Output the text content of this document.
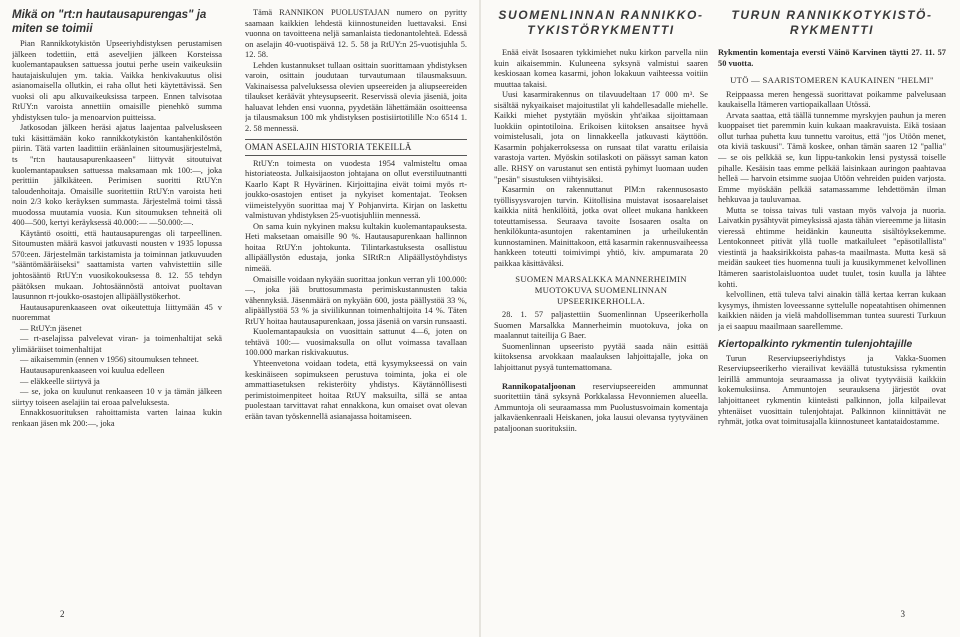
Mikä on "rt:n hautausapurengas" ja miten se toimii

Pian Rannikkotykistön Upseeriyhdistyksen perustamisen jälkeen todettiin, että aseveljien jälkeen Korsteissa kuolemantapauksen sattuessa joutui perhe usein vaikeuksiin hautajaiskulujen ym. takia. Vaikka henkivakuutus olisi asianomaisella ollutkin, ei raha ollut heti käytettävissä. Sen vuoksi oli apu alkuvaikeuksissa tarpeen. Ennen talvisotaa RtUY:n varoista annettiin omaisille pienehkö summa yhdistyksen tulo- ja menoarvion puitteissa.

Jatkosodan jälkeen heräsi ajatus laajentaa palveluskseen tuki käsittämään koko rannikkotykistön kantahenkilöstön piirin. Tätä varten laadittiin eräänlainen sitoumusjärjestelmä, ts "rt:n hautausapurenkaaseen" liittyvät sitoutuivat kuolemantapauksen sattuessa maksamaan mk 100:—, joka perittiin jälkikäteen. Perimisen suoritti RtUY:n taloudenhoitaja. Omaisille suoritettiin RtUY:n varoista heti noin 2/3 koko keräyksen summasta. Järjestelmä toimi tässä muodossa muutamia vuosia. Kun sitoumuksen tehneitä oli 400—500, kertyi keräyksessä 40.000:— —50.000:—.

Käytäntö osoitti, että hautausapurengas oli tarpeellinen. Sitoumusten määrä kasvoi jatkuvasti nousten v 1935 lopussa 570:een. Järjestelmän tarkistamista ja toiminnan jatkuvuuden "sääntömääräiseksi" saattamista varten vahvistettiin sille johtosääntö RtUY:n vuosikokouksessa 8. 12. 55 tehdyn päätöksen mukaan. Johtosäännöstä antoivat puoltavan lausunnon rt-joukko-osastojen allipäällystökerhot.

Hautausapurenkaaseen ovat oikeutettuja liittymään 45 v nuoremmat

— RtUY:n jäsenet

— rt-aselajissa palvelevat viran- ja toimenhaltijat sekä ylimääräiset toimenhaltijat

— aikaisemmin (ennen v 1956) sitoumuksen tehneet.

Hautausapurenkaaseen voi kuulua edelleen

— eläkkeelle siirtyvä ja

— se, joka on kuulunut renkaaseen 10 v ja tämän jälkeen siirtyy toiseen aselajiin tai eroaa palveluksesta.

Ennakkosuorituksen rahoittamista varten lainaa kukin renkaan jäsen mk 200:—, joka

Tämä RANNIKON PUOLUSTAJAN numero on pyritty saamaan kaikkien lehdestä kiinnostuneiden luettavaksi. Ensi vuonna on tavoitteena neljä samanlaista tiedonantolehteä. Edessä on aselajin 40-vuotispäivä 12. 5. 58 ja RtUY:n 25-vuotisjuhla 5. 12. 58.

Lehden kustannukset tullaan osittain suorittamaan yhdistyksen varoin, osittain joudutaan turvautumaan tilausmaksuun. Vakinaisessa palveluksessa olevien upseereiden ja aliupseereiden tilaukset keräävät yhteysupseerit. Reservissä olevia jäseniä, joita haluavat lehden ensi vuonna, pyydetään lähettämään osoitteensa ja tilausmaksun 100 mk yhdistyksen postisiirtotilille N:o 6514 1. 2. 58 mennessä.

OMAN ASELAJIN HISTORIA TEKEILLÄ

RtUY:n toimesta on vuodesta 1954 valmisteltu omaa historiateosta. Julkaisijaoston johtajana on ollut everstiluutnantti Kaarlo Kapt R Hyvärinen. Kirjoittajina eivät toimi myös rt-joukko-osastojen entiset ja nykyiset komentajat. Teoksen viimeistelyyön suorittaa maj Y Pohjanvirta. Kirjan on laskettu valmistuvan yhdistyksen 25-vuotisjuhliin mennessä.

On sama kuin nykyinen maksu kultakin kuolemantapauksesta. Heti maksetaan omaisille 90 %. Hautausapurenkaan hallinnon hoitaa RtUY:n johtokunta. Tilintarkastuksesta osallistuu allipäällystön edustaja, jonka SIRtR:n Alipäällystöyhdistys nimeää.

Omaisille voidaan nykyään suorittaa jonkun verran yli 100.000:—, joka jää bruttosummasta perimiskustannusten takia vähennyksiä. Jäsenmäärä on nykyään 600, josta päällystöä 33 %, alipäällystöä 53 % ja siviilikunnan toimenhaltijoita 14 %. Täten RtUY hoitaa hautausapurenkaan, jossa jäseniä on varsin runsaasti.

Kuolemantapauksia on vuosittain sattunut 4—6, joten on tehtävä 100:— vuosimaksulla on ollut voimassa tavallaan 100.000 markan riskivakuutus.

Yhteenvetona voidaan todeta, että kysymykseessä on vain keskinäiseen sopimukseen perustuva toiminta, joka ei ole ammattiasetuksen rekisteröity yhdistys. Käytännöllisesti perimistoimenpiteet hoitaa RtUY maksuilta, sillä se antaa puolestaan tarvittavat rahat ennakkona, kun omaiset ovat olevan erään tavan työskennellä asianajassa hoitamiseen.

2
SUOMENLINNAN RANNIKKO-TYKISTÖRYKMENTTI

Enää eivät Isosaaren tykkimiehet nuku kirkon parvella niin kuin aikaisemmin. Kuluneena syksynä valmistui saaren keskiosaan komea kasarmi, johon lokakuun vaihteessa voitiin muuttaa takaisi.

Uusi kasarmirakennus on tilavuudeltaan 17 000 m³. Se sisältää nykyaikaiset majoitustilat yli kahdellesadalle miehelle. Kaikki miehet pystytään myöskin yht'aikaa sijoittamaan luokkiin opintotiloina. Erikoisen kiitoksen ansaitsee hyvä voimistelusali, jota on linnakkeella jatkuvasti käyttöön. Kasarmin pohjakerroksessa on runsaat tilat varattu erilaisia varastoja varten. Myöskin sotilaskoti on päässyt saman katon alle. RHSY on varustanut sen entistä pyhimyt luomaan uuden "pesän" sisustuksen viihtyisäksi.

Kasarmin on rakennuttanut PlM:n rakennusosasto työllisyysvarojen turvin. Kiitollisina muistavat isosaarelaiset kaikkia niitä henkilöitä, jotka ovat olleet mukana hankkeen toteuttamisessa. Seuraava tavoite Isosaaren osalta on henkilökunta-asuntojen rakentaminen ja urheilukentän kunnostaminen. Mainittakoon, että kasarmin rakennusvaiheessa hankkeen toteutti toimivimpi yhtiö, kiv. ampumarata 20 paikkaa käsittäväksi.

SUOMEN MARSALKKA MANNERHEIMIN MUOTOKUVA SUOMENLINNAN UPSEERIKERHOLLA.

28. 1. 57 paljastettiin Suomenlinnan Upseerikerholla Suomen Marsalkka Mannerheimin muotokuva, joka on maalannut taiteilija G Baer.

Suomenlinnan upseeristo pyytää saada näin esittää kiitoksensa arvokkaan maalauksen lahjoittajalle, joka on lahjoittanut pysyä tuntemattomana.

Rannikopataljoonan reserviupseereiden ammunnat suoritettiin tänä syksynä Porkkalassa Hevonniemen alueella. Ammuntoja oli seuraamassa mm Puolustusvoimain komentaja jalkaväenkenraali Heiskanen, joka lausui olevansa tyytyväinen pataljoonan suorituksiin.

TURUN RANNIKKOTYKISTÖ-RYKMENTTI

Rykmentin komentaja eversti Väinö Karvinen täytti 27. 11. 57 50 vuotta.

UTÖ — SAARISTOMEREN KAUKAINEN "HELMI"

Reippaassa meren hengessä suorittavat poikamme palvelusaan kaukaisella Itämeren vartiopaikallaan Utössä.

Arvata saattaa, että täällä tunnemme myrskyjen pauhun ja meren kuoppaiset tiet paremmin kuin kukaan maakravuista. Eikä tosiaan ollut turhaa puhetta kuu tunnettu varoitus, että "jos Utöön menet, ota kiviä taskuusi". Tämä koskee, onhan tämän saaren 12 "pallia" — se ois pelkkää se, kun lippu-tankokin lensi pystyssä toiselle pihalle. Kesäisin taas emme pelkää laisinkaan auringon paahtavaa helleä — harvoin etsimme suojaa Utöön vehreiden puiden varjosta. Emme myöskään pelkää satamassamme lehdettömän ilman hehkuvaa ja tauluvamaa.

Mutta se toissa taivas tuli vastaan myös valvoja ja nuoria. Laivatkin pysähtyvät pimeyksissä ajasta tähän viereemme ja liitasin vieressä ehtimme heidänkin kauneutta sisältöyksekemme. Lentokonneet pitivät yllä tuolle matkailuleet "epäsotilallista" viestintä ja haaksirikkoista pahas-ta maailmasta. Mutta kesä sä meidän saukeet ties huomenna tuuli ja kuusikymmenet kelvollinen Itämeren saaristolaisluontoa uudet tuulet, tosin kuulla ja lähtee kohti.

kelvollinen, että tuleva talvi ainakin tällä kertaa kerran kukaan kysymys, ihmisten loveessanne syttelulle nopeatahtisen ohimennen kaikkien näiden ja vielä mahdollisemman tuntea suuresti Turkuun ja ei saapuu maailmaan saarellemme.

Kiertopalkinto rykmentin tulenjohtajille

Turun Reserviupseeriyhdistys ja Vakka-Suomen Reserviupseerikerho vierailivat keväällä tutustuksissa rykmentin leirillä ammuntoja seuraamassa ja olivat tyytyväisiä kaikkiin kokemuksiinsa. Ammuntojen seurauksena järjestöt ovat lahjoittaneet rykmentin kiinteästi palkinnon, jolla kilpailevat yhtenäiset vuosittain tulenjohtajat. Palkinnon kiinnittävät ne ryhmät, jotka ovat toimitusajalla kiinnostuneet kantataidostamme.

3
